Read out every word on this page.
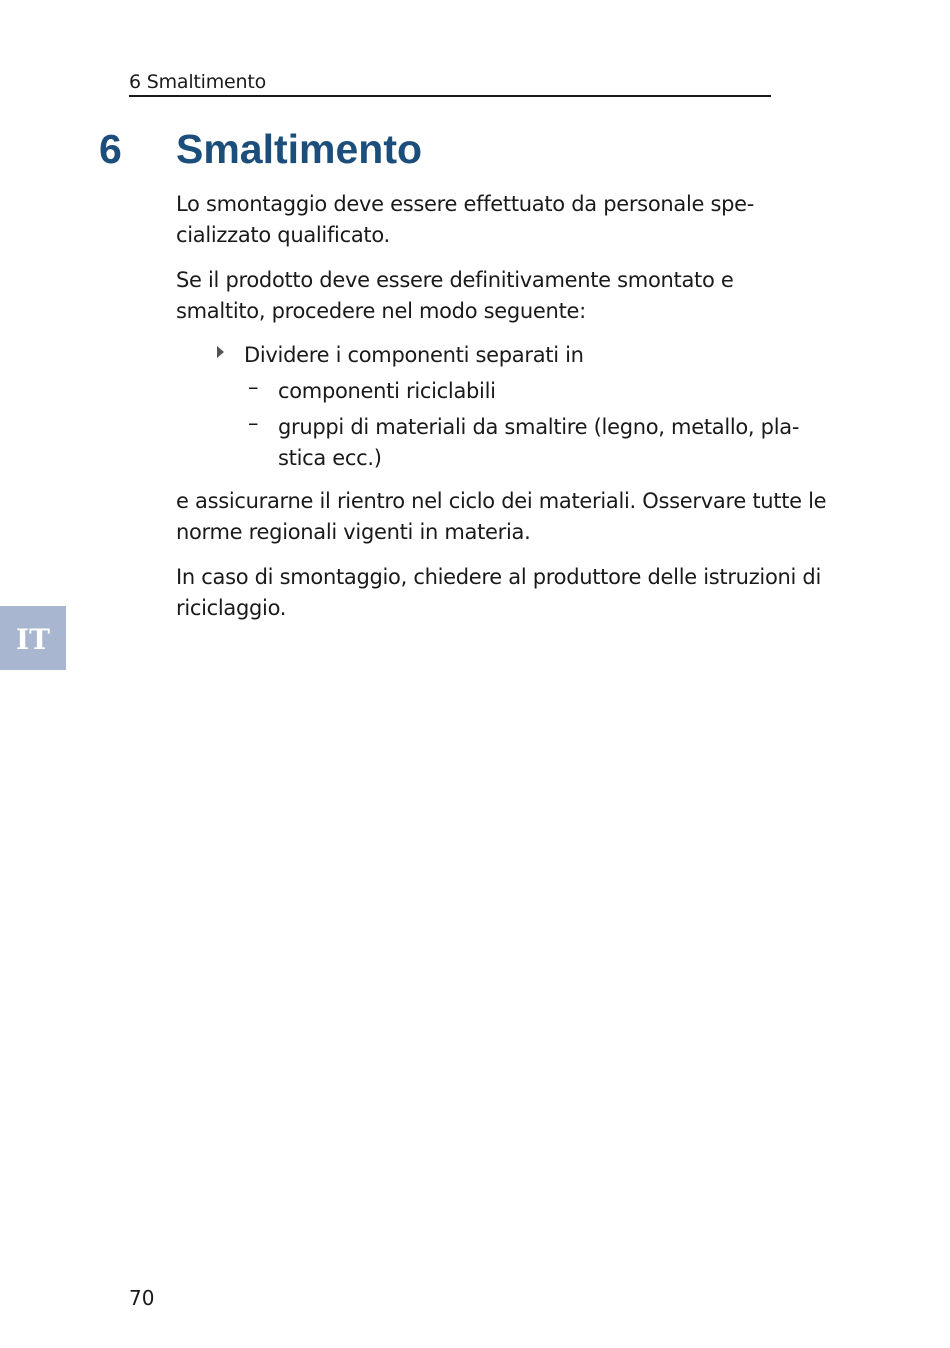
6 Smaltimento
6 Smaltimento

Lo smontaggio deve essere effettuato da personale spe-
cializzato qualificato.

Se il prodotto deve essere definitivamente smontato e
smaltito, procedere nel modo seguente:

Dividere i componenti separati in
– componenti riciclabili
– gruppi di materiali da smaltire (legno, metallo, pla-
stica ecc.)

e assicurarne il rientro nel ciclo dei materiali. Osservare tutte le
norme regionali vigenti in materia.

In caso di smontaggio, chiedere al produttore delle istruzioni di
riciclaggio.

IT
70
